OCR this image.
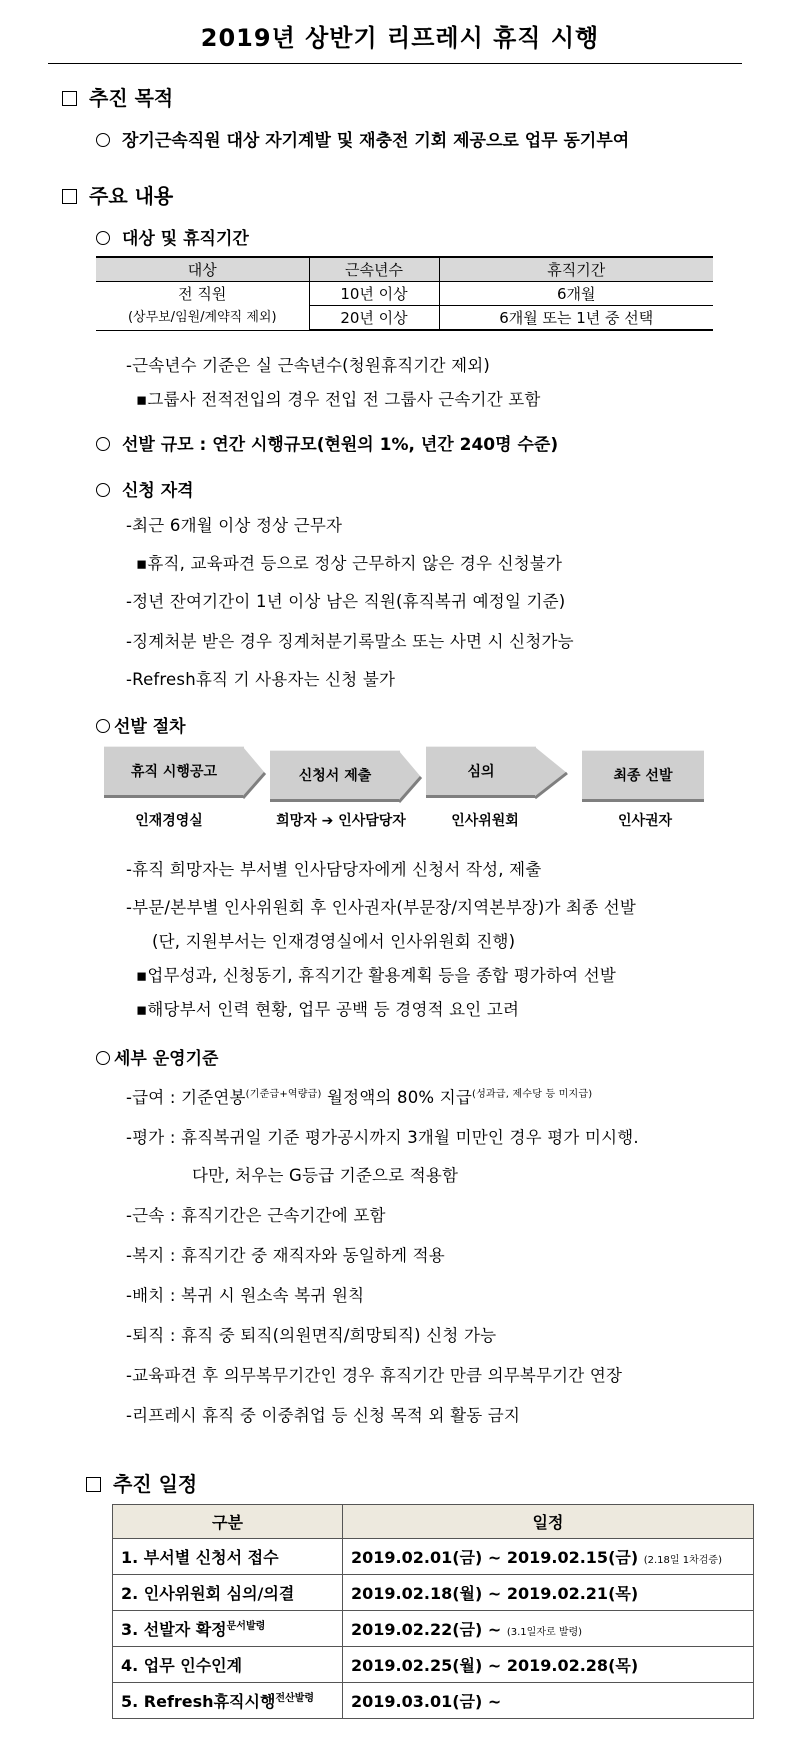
2019년 상반기 리프레시 휴직 시행
추진 목적
장기근속직원 대상 자기계발 및 재충전 기회 제공으로 업무 동기부여
주요 내용
대상 및 휴직기간
대상	근속년수	휴직기간

전 직원
(상무보/임원/계약직 제외)	10년 이상	6개월
	20년 이상	6개월 또는 1년 중 선택
-근속년수 기준은 실 근속년수(청원휴직기간 제외)
▪그룹사 전적전입의 경우 전입 전 그룹사 근속기간 포함
선발 규모 : 연간 시행규모(현원의 1%, 년간 240명 수준)
신청 자격
-최근 6개월 이상 정상 근무자
▪휴직, 교육파견 등으로 정상 근무하지 않은 경우 신청불가
-정년 잔여기간이 1년 이상 남은 직원(휴직복귀 예정일 기준)
-징계처분 받은 경우 징계처분기록말소 또는 사면 시 신청가능
-Refresh휴직 기 사용자는 신청 불가
선발 절차
휴직 시행공고	신청서 제출	심의	최종 선발
인재경영실	희망자 ➔ 인사담당자	인사위원회	인사권자
-휴직 희망자는 부서별 인사담당자에게 신청서 작성, 제출
-부문/본부별 인사위원회 후 인사권자(부문장/지역본부장)가 최종 선발
(단, 지원부서는 인재경영실에서 인사위원회 진행)
▪업무성과, 신청동기, 휴직기간 활용계획 등을 종합 평가하여 선발
▪해당부서 인력 현황, 업무 공백 등 경영적 요인 고려
세부 운영기준
-급여 : 기준연봉$^{(기준급+역량급)}$ 월정액의 80% 지급$^{(성과급, 제수당 등 미지급)}$
-평가 : 휴직복귀일 기준 평가공시까지 3개월 미만인 경우 평가 미시행.
다만, 처우는 G등급 기준으로 적용함
-근속 : 휴직기간은 근속기간에 포함
-복지 : 휴직기간 중 재직자와 동일하게 적용
-배치 : 복귀 시 원소속 복귀 원칙
-퇴직 : 휴직 중 퇴직(의원면직/희망퇴직) 신청 가능
-교육파견 후 의무복무기간인 경우 휴직기간 만큼 의무복무기간 연장
-리프레시 휴직 중 이중취업 등 신청 목적 외 활동 금지
추진 일정
구분	일정
1. 부서별 신청서 접수	2019.02.01(금) ~ 2019.02.15(금) (2.18일 1차검증)
2. 인사위원회 심의/의결	2019.02.18(월) ~ 2019.02.21(목)
3. 선발자 확정$^{문서발령}$	2019.02.22(금) ~ (3.1일자로 발령)
4. 업무 인수인계	2019.02.25(월) ~ 2019.02.28(목)
5. Refresh휴직시행$^{전산발령}$	2019.03.01(금) ~
